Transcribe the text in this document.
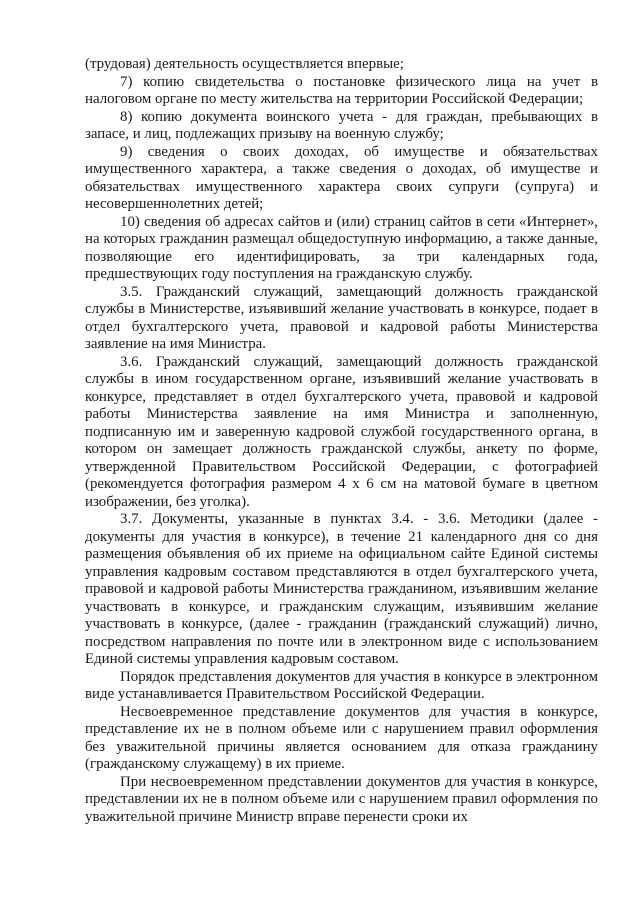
(трудовая) деятельность осуществляется впервые;

7) копию свидетельства о постановке физического лица на учет в налоговом органе по месту жительства на территории Российской Федерации;

8) копию документа воинского учета - для граждан, пребывающих в запасе, и лиц, подлежащих призыву на военную службу;

9) сведения о своих доходах, об имуществе и обязательствах имущественного характера, а также сведения о доходах, об имуществе и обязательствах имущественного характера своих супруги (супруга) и несовершеннолетних детей;

10) сведения об адресах сайтов и (или) страниц сайтов в сети «Интернет», на которых гражданин размещал общедоступную информацию, а также данные, позволяющие его идентифицировать, за три календарных года, предшествующих году поступления на гражданскую службу.

3.5. Гражданский служащий, замещающий должность гражданской службы в Министерстве, изъявивший желание участвовать в конкурсе, подает в отдел бухгалтерского учета, правовой и кадровой работы Министерства заявление на имя Министра.

3.6. Гражданский служащий, замещающий должность гражданской службы в ином государственном органе, изъявивший желание участвовать в конкурсе, представляет в отдел бухгалтерского учета, правовой и кадровой работы Министерства заявление на имя Министра и заполненную, подписанную им и заверенную кадровой службой государственного органа, в котором он замещает должность гражданской службы, анкету по форме, утвержденной Правительством Российской Федерации, с фотографией (рекомендуется фотография размером 4 х 6 см на матовой бумаге в цветном изображении, без уголка).

3.7. Документы, указанные в пунктах 3.4. - 3.6. Методики (далее - документы для участия в конкурсе), в течение 21 календарного дня со дня размещения объявления об их приеме на официальном сайте Единой системы управления кадровым составом представляются в отдел бухгалтерского учета, правовой и кадровой работы Министерства гражданином, изъявившим желание участвовать в конкурсе, и гражданским служащим, изъявившим желание участвовать в конкурсе, (далее - гражданин (гражданский служащий) лично, посредством направления по почте или в электронном виде с использованием Единой системы управления кадровым составом.

Порядок представления документов для участия в конкурсе в электронном виде устанавливается Правительством Российской Федерации.

Несвоевременное представление документов для участия в конкурсе, представление их не в полном объеме или с нарушением правил оформления без уважительной причины является основанием для отказа гражданину (гражданскому служащему) в их приеме.

При несвоевременном представлении документов для участия в конкурсе, представлении их не в полном объеме или с нарушением правил оформления по уважительной причине Министр вправе перенести сроки их
